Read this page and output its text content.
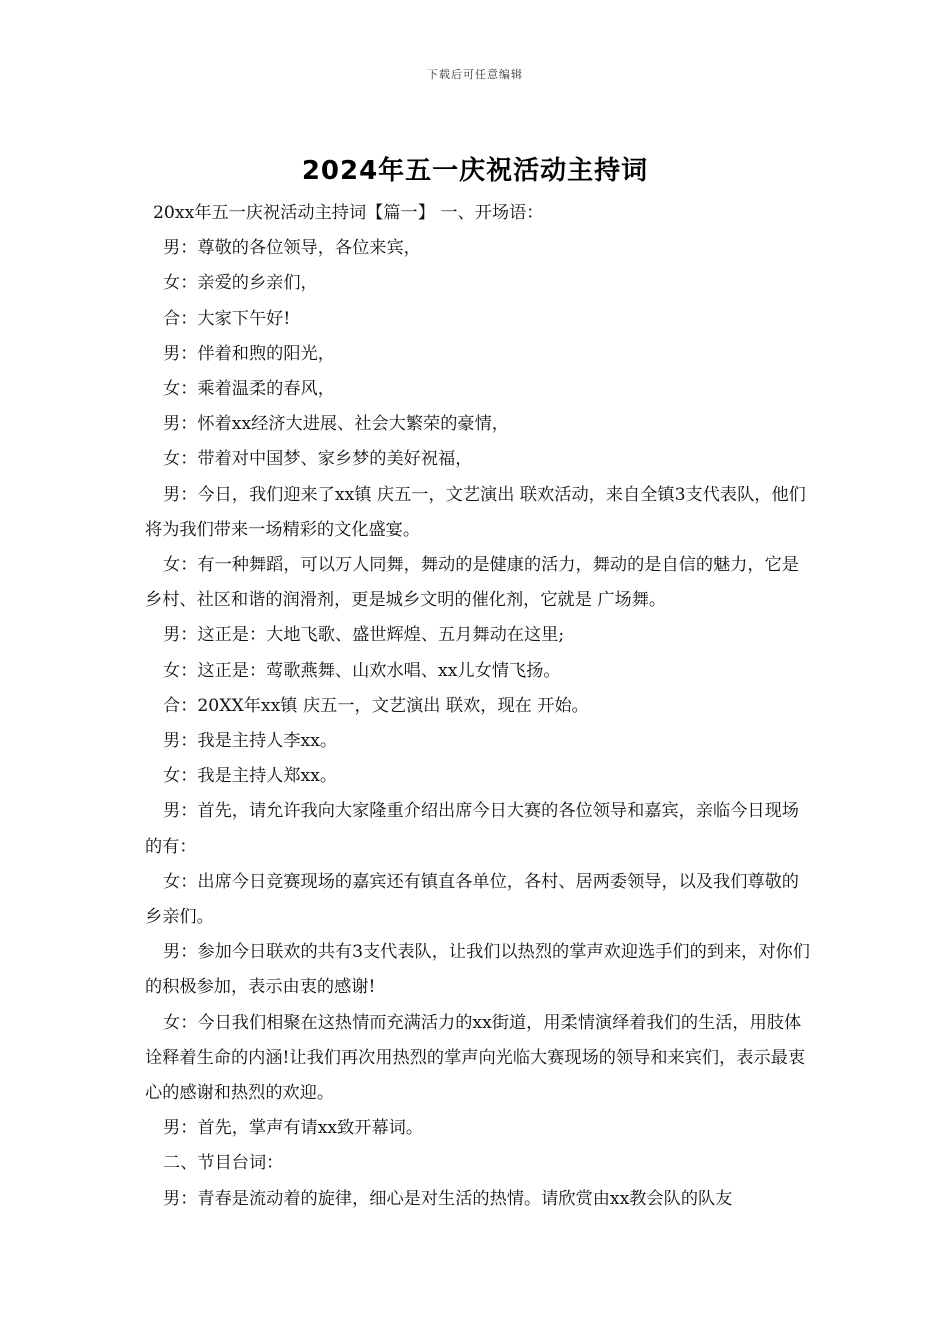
下载后可任意编辑
2024年五一庆祝活动主持词

20xx年五一庆祝活动主持词【篇一】 一、开场语：

男：尊敬的各位领导，各位来宾，

女：亲爱的乡亲们，

合：大家下午好!

男：伴着和煦的阳光，

女：乘着温柔的春风，

男：怀着xx经济大进展、社会大繁荣的豪情，

女：带着对中国梦、家乡梦的美好祝福，

男：今日，我们迎来了xx镇 庆五一，文艺演出 联欢活动，来自全镇3支代表队，他们将为我们带来一场精彩的文化盛宴。

女：有一种舞蹈，可以万人同舞，舞动的是健康的活力，舞动的是自信的魅力，它是乡村、社区和谐的润滑剂，更是城乡文明的催化剂，它就是 广场舞。

男：这正是：大地飞歌、盛世辉煌、五月舞动在这里;

女：这正是：莺歌燕舞、山欢水唱、xx儿女情飞扬。

合：20XX年xx镇 庆五一，文艺演出 联欢，现在 开始。

男：我是主持人李xx。

女：我是主持人郑xx。

男：首先，请允许我向大家隆重介绍出席今日大赛的各位领导和嘉宾，亲临今日现场的有：

女：出席今日竞赛现场的嘉宾还有镇直各单位，各村、居两委领导，以及我们尊敬的乡亲们。

男：参加今日联欢的共有3支代表队，让我们以热烈的掌声欢迎选手们的到来，对你们的积极参加，表示由衷的感谢!

女：今日我们相聚在这热情而充满活力的xx街道，用柔情演绎着我们的生活，用肢体诠释着生命的内涵!让我们再次用热烈的掌声向光临大赛现场的领导和来宾们，表示最衷心的感谢和热烈的欢迎。

男：首先，掌声有请xx致开幕词。

二、节目台词：

男：青春是流动着的旋律，细心是对生活的热情。请欣赏由xx教会队的队友
